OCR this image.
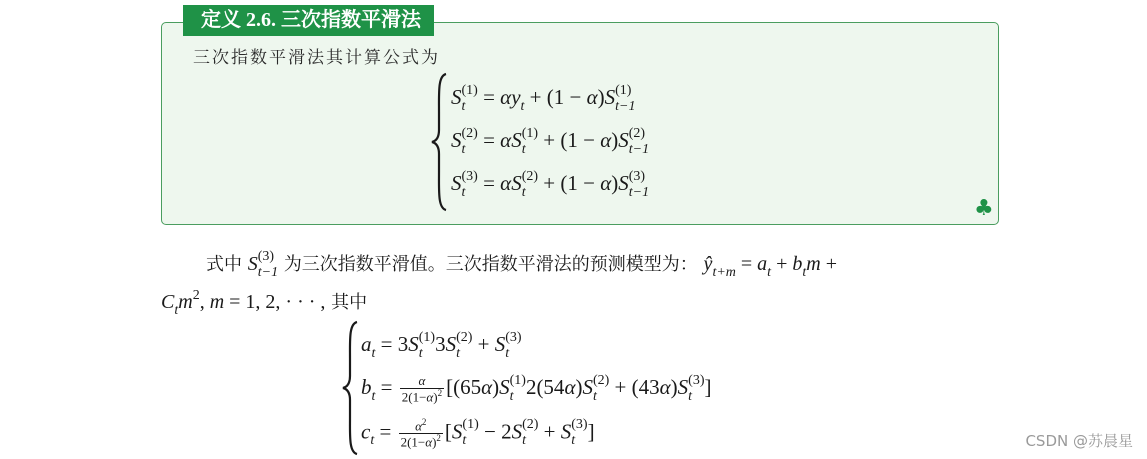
定义 2.6. 三次指数平滑法
三次指数平滑法其计算公式为
S (1)
$t = \alpha y_t + (1 - \alpha)S$ (1)
t−1
S (2)
t = αS (1)
t + (1 − α)S (2)
t−1
S (3)
t = αS (2)
t + (1 − α)S (3)
t−1
♣
式中 S (3)
t−1 为三次指数平滑值。三次指数平滑法的预测模型为： $ŷ_{t+m} = a_t + b_tm$ +
$C_tm^2$, m = 1, 2, · · · , 其中
$a_t = 3S$ (1)
t 3S (2)
t + S (3)
t
$b_t = \frac{\alpha}{2(1-\alpha)^2} [(65\alpha)S$ (1)
t 2(54α)S (2)
t + (43α)S (3)
t ]
$c_t = \frac{\alpha^2}{2(1-\alpha)^2} [S$ (1)
t − 2S (2)
t + S (3)
t ]	CSDN @苏晨星
